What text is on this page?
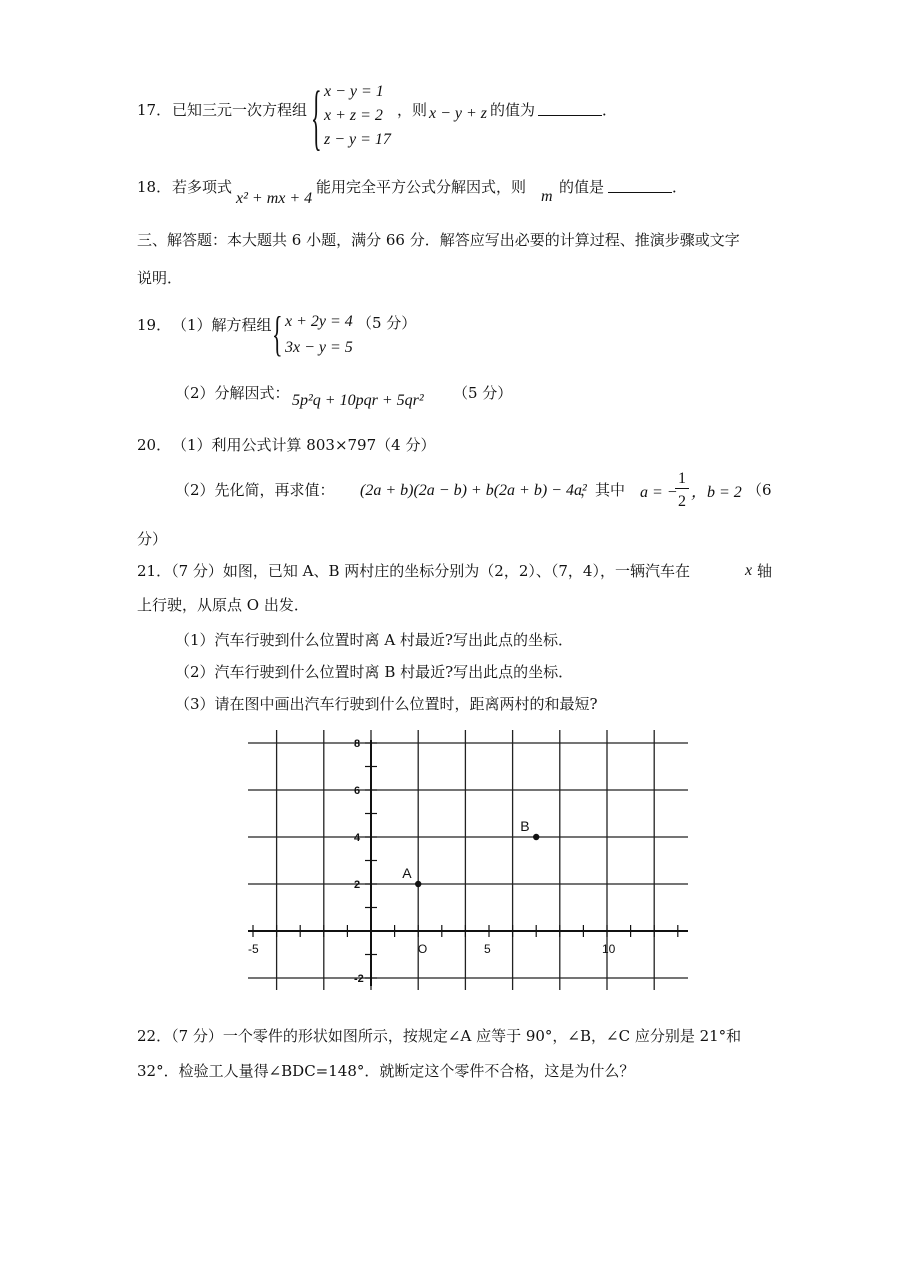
17． 已知三元一次方程组 { x − y = 1
x + z = 2
z − y = 17
，则 x − y + z 的值为	．
18． 若多项式
x² + mx + 4
能用完全平方公式分解因式，则
m
的值是	．
三、解答题：本大题共 6 小题，满分 66 分．解答应写出必要的计算过程、推演步骤或文字
说明．
19． （1）解方程组 { x + 2y = 4
3x − y = 5
（5 分）
（2）分解因式： 5p²q + 10pqr + 5qr² （5 分）
20． （1）利用公式计算 803×797（4 分）
（2）先化简，再求值： (2a + b)(2a − b) + b(2a + b) − 4a²
，其中 a = −
1
2
，b = 2 （6
分）
21．（7 分）如图，已知 A、B 两村庄的坐标分别为（2，2）、（7，4），一辆汽车在	x 轴
上行驶，从原点 O 出发．
（1）汽车行驶到什么位置时离 A 村最近?写出此点的坐标．
（2）汽车行驶到什么位置时离 B 村最近?写出此点的坐标．
（3）请在图中画出汽车行驶到什么位置时，距离两村的和最短?
-5	O	5	10
8
6
4
2
-2
A
B
22．（7 分）一个零件的形状如图所示，按规定∠A 应等于 90°，∠B，∠C 应分别是 21°和
32°．检验工人量得∠BDC=148°．就断定这个零件不合格，这是为什么？
